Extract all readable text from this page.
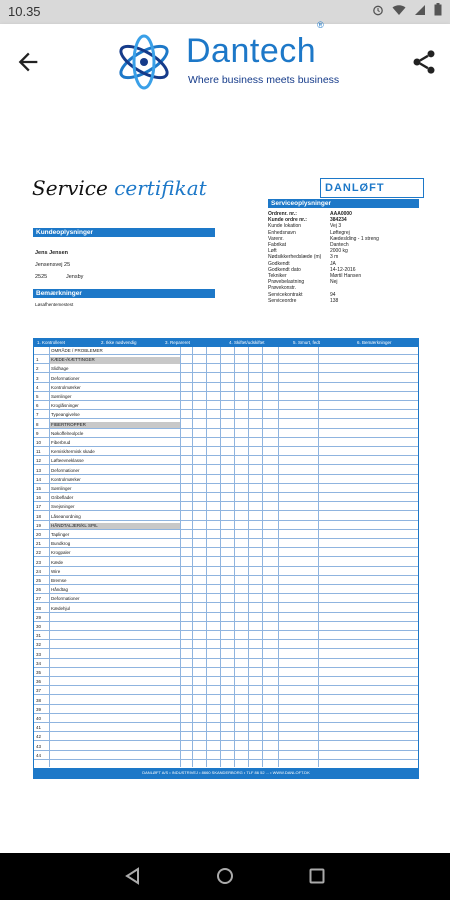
10.35
Dantech®
Where business meets business
Service certifikat	DANLØFT
Serviceoplysninger
Ordrenr. nr.:	AAA0000
Kunde ordre nr.:	384234
Kunde lokation	Vej 3
Enhedsnavn	Løftegrej
Varenr.	Kædeslding - 1 streng
Fabrikat	Dantech
Løft	2000 kg
Nødsikkerhedslæde (m)	3 m
Godkendt	JA
Godkendt dato	14-12-2016
Tekniker	Mørtil Hansen
Prøvebelastning	Nej
Prøvekonstr.
Servicekontrakt	94
Serviceordre	138
Kundeoplysninger
Jens Jensen
Jensensvej 25
2525	Jensby
Bemærkninger
Løsafhentemestest
1. Kontrolleret	2. Ikke nødvendig	3. Repareret	4. Skiftet/udskiftet	5. Smurt, fedt	6. Bemærkninger
OMRÅDE / PROBLEMER
1	KÆDE-/KÆTTINGER
2	Slidhage
3	Deformationer
4	Kontrolmærker
5	Sømlinger
6	Kroglåsninger
7	Typeangivelse
8	FIBERTROPPER
9	Nøkoffelreolpcle
10	Fiberbrud
11	Kemisk/termisk skade
12	Løfteevneklasse
13	Deformationer
14	Kontrolmærker
15	Sømlinger
16	Gribeflader
17	Svejsninger
18	Låseanordning
19	HÅNDTALJER/KL SPIL
20	Taplinger
21	Bundkrog
22	Krogpaler
23	Kæde
24	Wire
25	Bremse
26	Håndtag
27	Deformationer
28	Kædehjul
29
30
31
32
33
34
35
36
37
38
39
40
41
42
43
44
DANLØFT A/S • INDUSTRIVEJ • 8660 SKANDERBORG • TLF 86 52 ... • WWW.DANLOFT.DK
